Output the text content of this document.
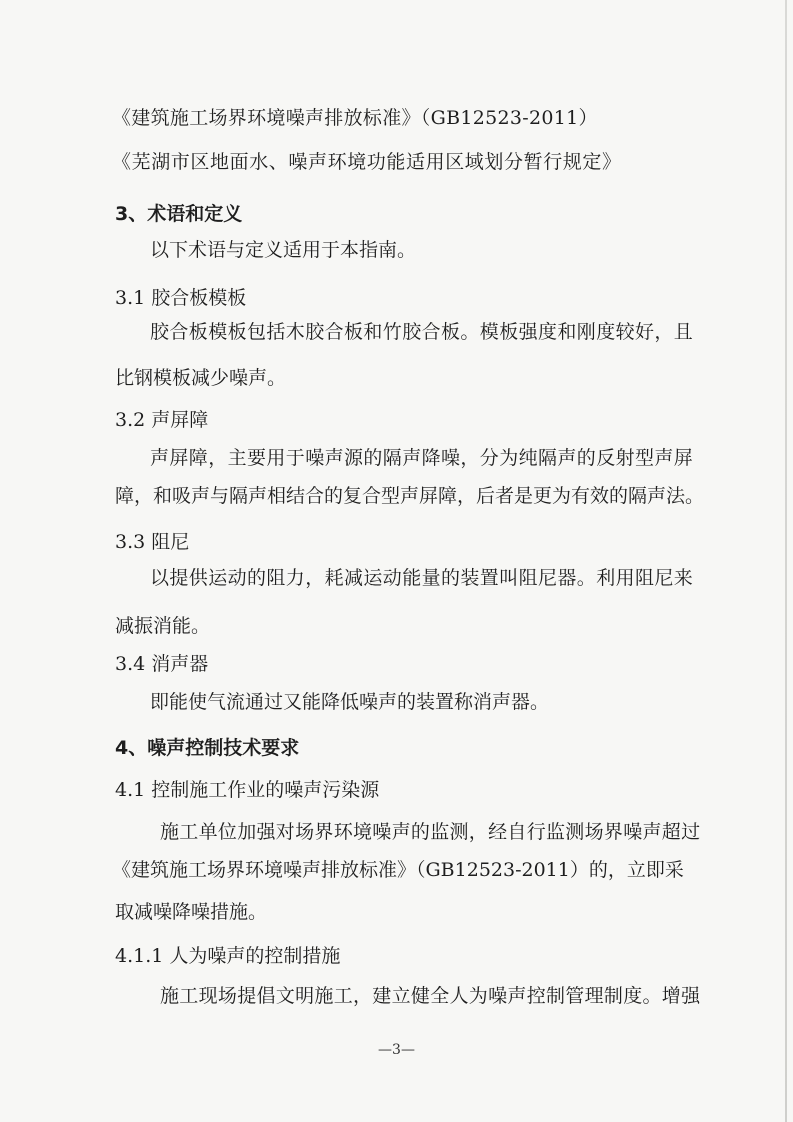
《建筑施工场界环境噪声排放标准》（GB12523-2011）
《芜湖市区地面水、噪声环境功能适用区域划分暂行规定》
3、术语和定义
以下术语与定义适用于本指南。
3.1 胶合板模板
胶合板模板包括木胶合板和竹胶合板。模板强度和刚度较好，且
比钢模板减少噪声。
3.2 声屏障
声屏障，主要用于噪声源的隔声降噪，分为纯隔声的反射型声屏
障，和吸声与隔声相结合的复合型声屏障，后者是更为有效的隔声法。
3.3 阻尼
以提供运动的阻力，耗减运动能量的装置叫阻尼器。利用阻尼来
减振消能。
3.4 消声器
即能使气流通过又能降低噪声的装置称消声器。
4、噪声控制技术要求
4.1 控制施工作业的噪声污染源
施工单位加强对场界环境噪声的监测，经自行监测场界噪声超过
《建筑施工场界环境噪声排放标准》（GB12523-2011）的，立即采
取减噪降噪措施。
4.1.1 人为噪声的控制措施
施工现场提倡文明施工，建立健全人为噪声控制管理制度。增强
—3—
